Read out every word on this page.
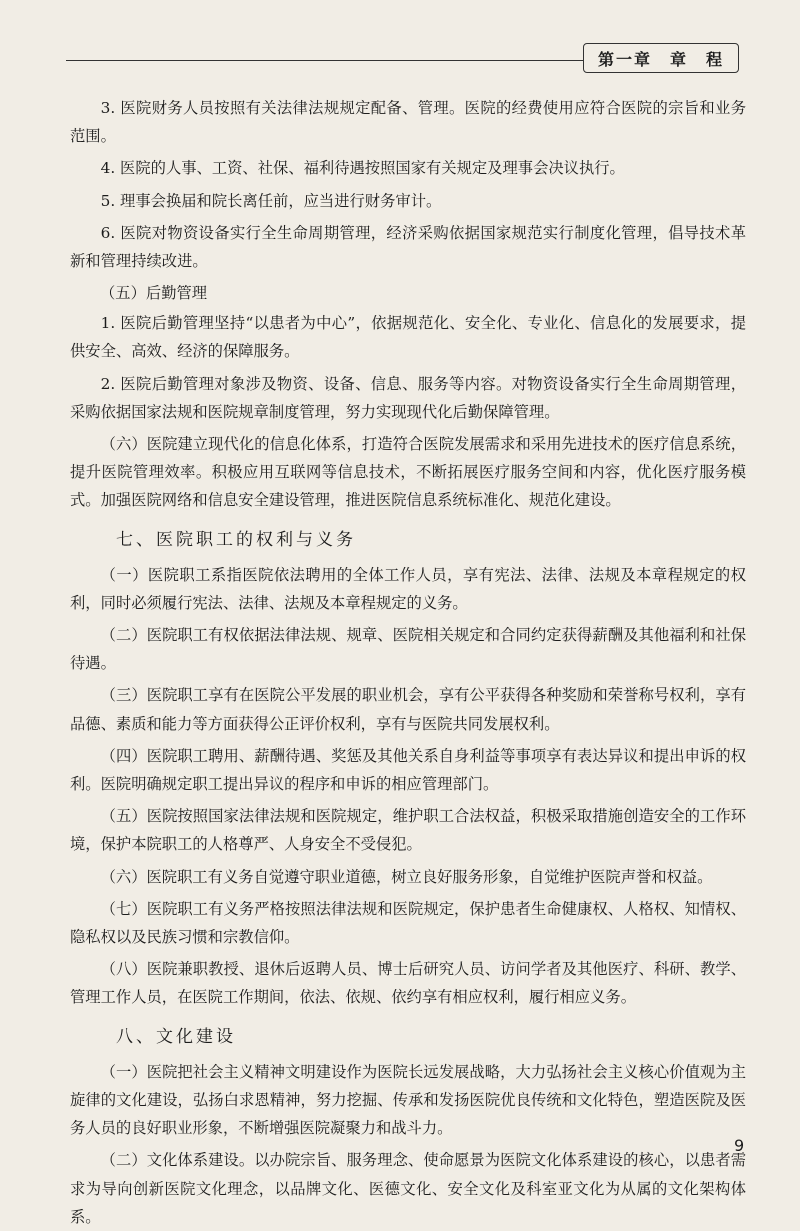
第一章　章　程

3. 医院财务人员按照有关法律法规规定配备、管理。医院的经费使用应符合医院的宗旨和业务范围。

4. 医院的人事、工资、社保、福利待遇按照国家有关规定及理事会决议执行。

5. 理事会换届和院长离任前，应当进行财务审计。

6. 医院对物资设备实行全生命周期管理，经济采购依据国家规范实行制度化管理，倡导技术革新和管理持续改进。

（五）后勤管理

1. 医院后勤管理坚持“以患者为中心”，依据规范化、安全化、专业化、信息化的发展要求，提供安全、高效、经济的保障服务。

2. 医院后勤管理对象涉及物资、设备、信息、服务等内容。对物资设备实行全生命周期管理，采购依据国家法规和医院规章制度管理，努力实现现代化后勤保障管理。

（六）医院建立现代化的信息化体系，打造符合医院发展需求和采用先进技术的医疗信息系统，提升医院管理效率。积极应用互联网等信息技术，不断拓展医疗服务空间和内容，优化医疗服务模式。加强医院网络和信息安全建设管理，推进医院信息系统标准化、规范化建设。

七、医院职工的权利与义务

（一）医院职工系指医院依法聘用的全体工作人员，享有宪法、法律、法规及本章程规定的权利，同时必须履行宪法、法律、法规及本章程规定的义务。

（二）医院职工有权依据法律法规、规章、医院相关规定和合同约定获得薪酬及其他福利和社保待遇。

（三）医院职工享有在医院公平发展的职业机会，享有公平获得各种奖励和荣誉称号权利，享有品德、素质和能力等方面获得公正评价权利，享有与医院共同发展权利。

（四）医院职工聘用、薪酬待遇、奖惩及其他关系自身利益等事项享有表达异议和提出申诉的权利。医院明确规定职工提出异议的程序和申诉的相应管理部门。

（五）医院按照国家法律法规和医院规定，维护职工合法权益，积极采取措施创造安全的工作环境，保护本院职工的人格尊严、人身安全不受侵犯。

（六）医院职工有义务自觉遵守职业道德，树立良好服务形象，自觉维护医院声誉和权益。

（七）医院职工有义务严格按照法律法规和医院规定，保护患者生命健康权、人格权、知情权、隐私权以及民族习惯和宗教信仰。

（八）医院兼职教授、退休后返聘人员、博士后研究人员、访问学者及其他医疗、科研、教学、管理工作人员，在医院工作期间，依法、依规、依约享有相应权利，履行相应义务。

八、文化建设

（一）医院把社会主义精神文明建设作为医院长远发展战略，大力弘扬社会主义核心价值观为主旋律的文化建设，弘扬白求恩精神，努力挖掘、传承和发扬医院优良传统和文化特色，塑造医院及医务人员的良好职业形象，不断增强医院凝聚力和战斗力。

（二）文化体系建设。以办院宗旨、服务理念、使命愿景为医院文化体系建设的核心，以患者需求为导向创新医院文化理念，以品牌文化、医德文化、安全文化及科室亚文化为从属的文化架构体系。

9
